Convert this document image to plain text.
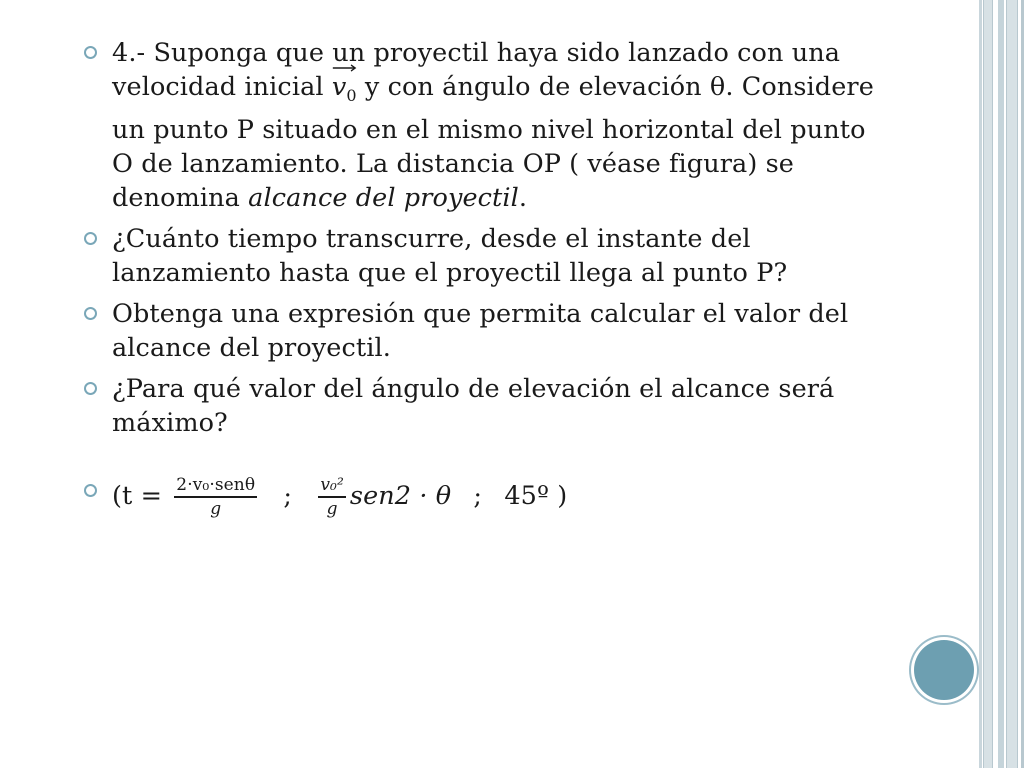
4.- Suponga que un proyectil haya sido lanzado con una velocidad inicial $v_0$ y con ángulo de elevación θ. Considere un punto P situado en el mismo nivel horizontal del punto O de lanzamiento. La distancia OP ( véase figura) se denomina alcance del proyectil.
¿Cuánto tiempo transcurre, desde el instante del lanzamiento hasta que el proyectil llega al punto P?
Obtenga una expresión que permita calcular el valor del alcance del proyectil.
¿Para qué valor del ángulo de elevación el alcance será máximo?
($t = \frac{\text{2·v₀·senθ}}{g}$ ; $\frac{\text{v₀²}}{g} sen2 \cdot \theta$ ; 45º )
